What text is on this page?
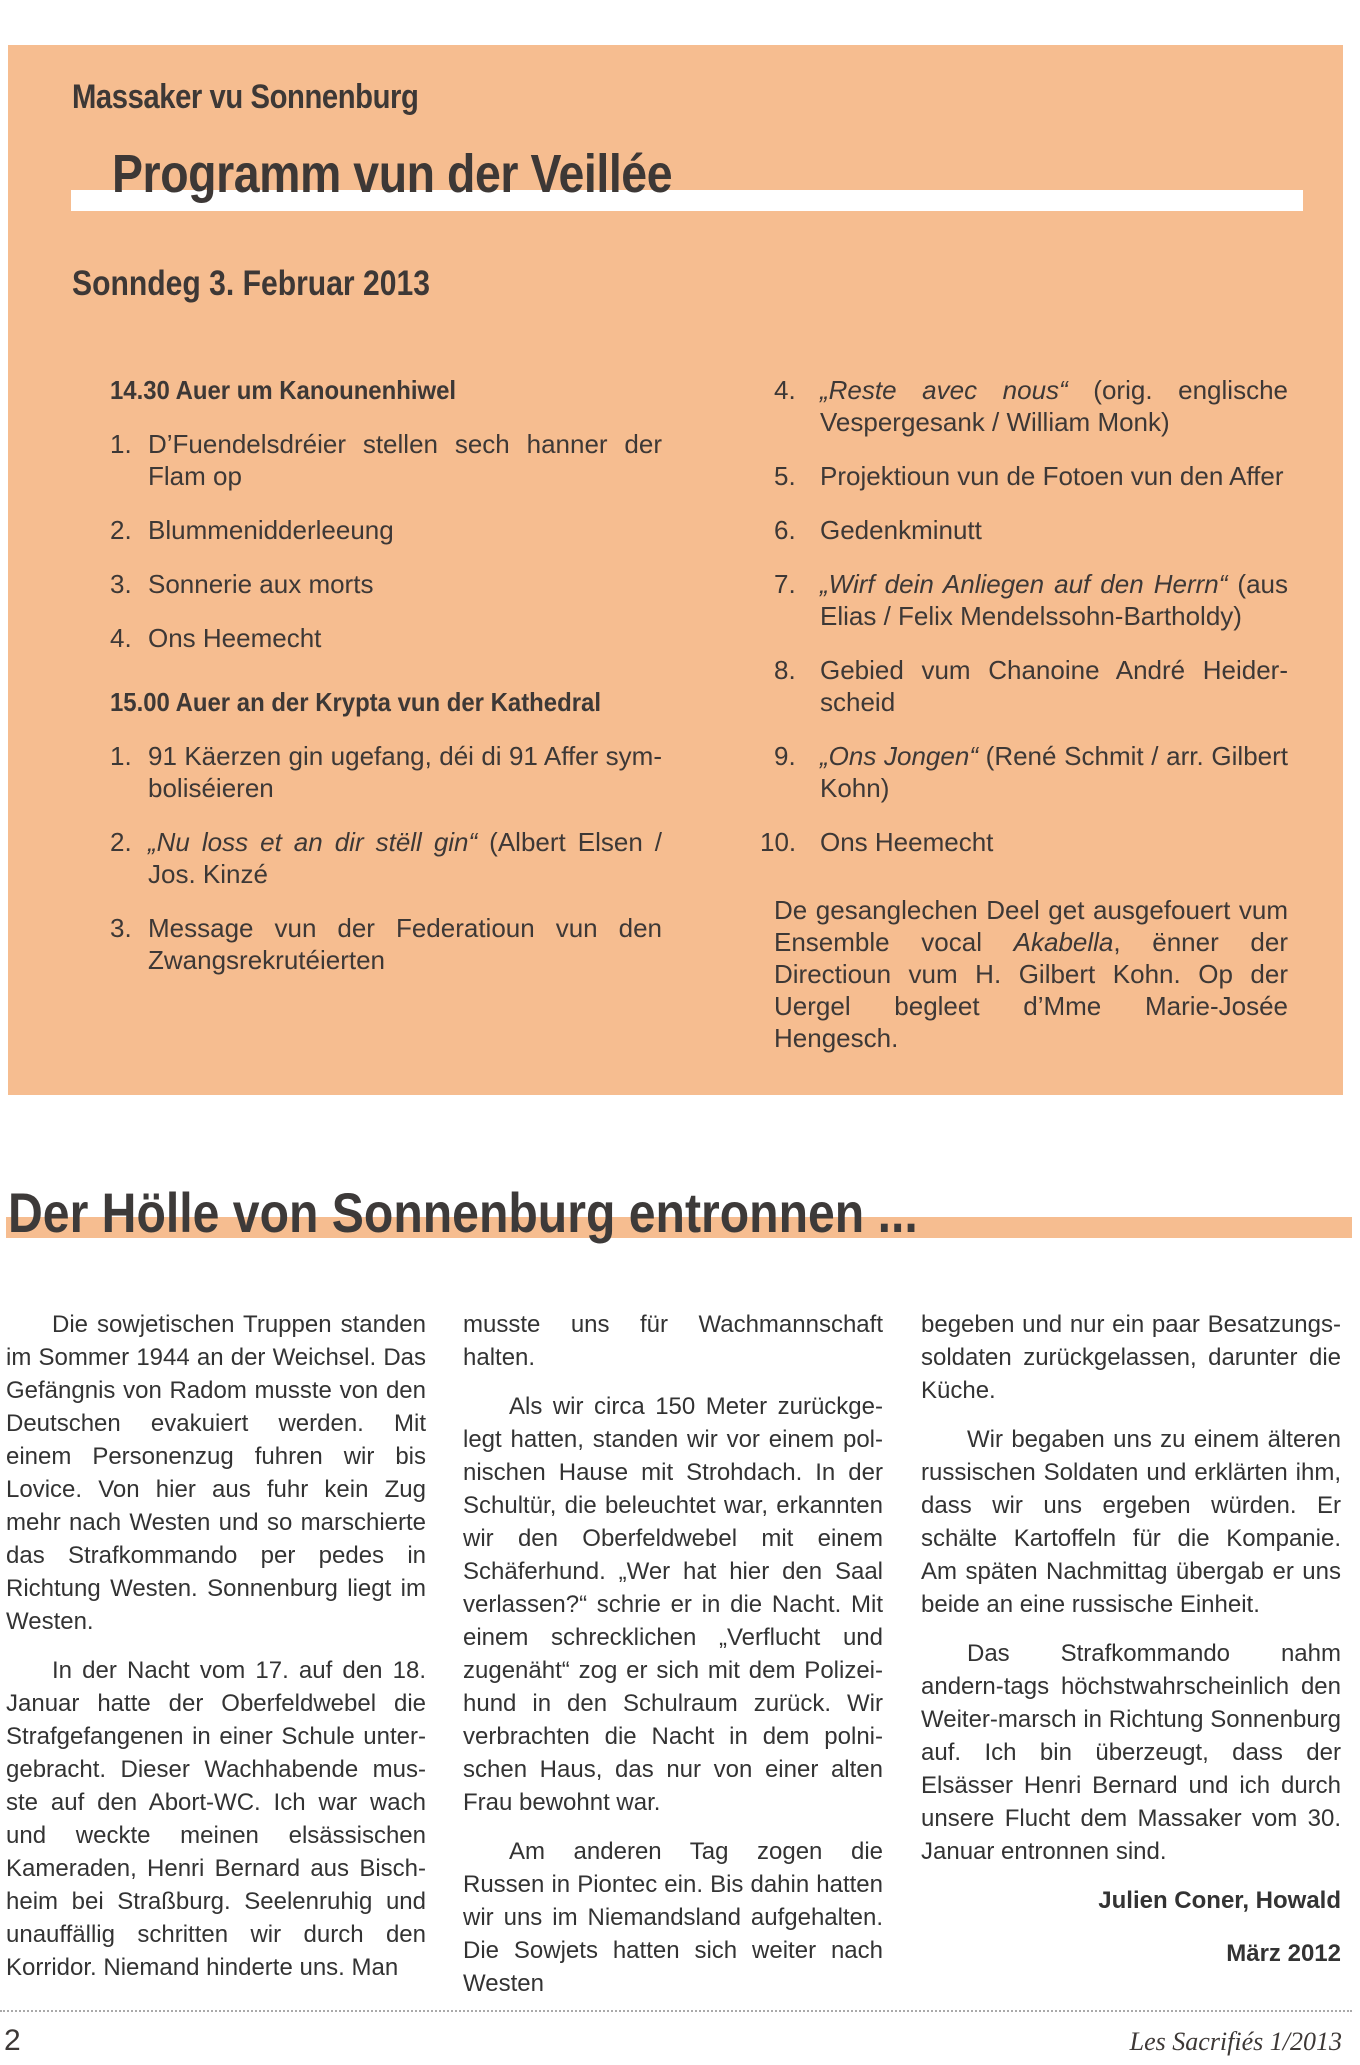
Massaker vu Sonnenburg
Programm vun der Veillée
Sonndeg 3. Februar 2013
14.30 Auer um Kanounenhiwel
1. D’Fuendelsdréier stellen sech hanner der Flam op
2. Blummenidderleeung
3. Sonnerie aux morts
4. Ons Heemecht
15.00 Auer an der Krypta vun der Kathedral
1. 91 Käerzen gin ugefang, déi di 91 Affer sym-boliséieren
2. „Nu loss et an dir stëll gin“ (Albert Elsen / Jos. Kinzé
3. Message vun der Federatioun vun den Zwangsrekrutéierten
4. „Reste avec nous“ (orig. englische Vespergesank / William Monk)
5. Projektioun vun de Fotoen vun den Affer
6. Gedenkminutt
7. „Wirf dein Anliegen auf den Herrn“ (aus Elias / Felix Mendelssohn-Bartholdy)
8. Gebied vum Chanoine André Heider-scheid
9. „Ons Jongen“ (René Schmit / arr. Gilbert Kohn)
10. Ons Heemecht
De gesanglechen Deel get ausgefouert vum Ensemble vocal Akabella, ënner der Directioun vum H. Gilbert Kohn. Op der Uergel begleet d’Mme Marie-Josée Hengesch.
Der Hölle von Sonnenburg entronnen ...

Die sowjetischen Truppen standen im Sommer 1944 an der Weichsel. Das Gefängnis von Radom musste von den Deutschen evakuiert werden. Mit einem Personenzug fuhren wir bis Lovice. Von hier aus fuhr kein Zug mehr nach Westen und so marschierte das Strafkommando per pedes in Richtung Westen. Sonnenburg liegt im Westen.

In der Nacht vom 17. auf den 18. Januar hatte der Oberfeldwebel die Strafgefangenen in einer Schule unter-gebracht. Dieser Wachhabende mus-ste auf den Abort-WC. Ich war wach und weckte meinen elsässischen Kameraden, Henri Bernard aus Bisch-heim bei Straßburg. Seelenruhig und unauffällig schritten wir durch den Korridor. Niemand hinderte uns. Man

musste uns für Wachmannschaft halten.

Als wir circa 150 Meter zurückge-legt hatten, standen wir vor einem pol-nischen Hause mit Strohdach. In der Schultür, die beleuchtet war, erkannten wir den Oberfeldwebel mit einem Schäferhund. „Wer hat hier den Saal verlassen?“ schrie er in die Nacht. Mit einem schrecklichen „Verflucht und zugenäht“ zog er sich mit dem Polizei-hund in den Schulraum zurück. Wir verbrachten die Nacht in dem polni-schen Haus, das nur von einer alten Frau bewohnt war.

Am anderen Tag zogen die Russen in Piontec ein. Bis dahin hatten wir uns im Niemandsland aufgehalten. Die Sowjets hatten sich weiter nach Westen

begeben und nur ein paar Besatzungs-soldaten zurückgelassen, darunter die Küche.

Wir begaben uns zu einem älteren russischen Soldaten und erklärten ihm, dass wir uns ergeben würden. Er schälte Kartoffeln für die Kompanie. Am späten Nachmittag übergab er uns beide an eine russische Einheit.

Das Strafkommando nahm andern-tags höchstwahrscheinlich den Weiter-marsch in Richtung Sonnenburg auf. Ich bin überzeugt, dass der Elsässer Henri Bernard und ich durch unsere Flucht dem Massaker vom 30. Januar entronnen sind.

Julien Coner, Howald
März 2012
2	Les Sacrifiés 1/2013
